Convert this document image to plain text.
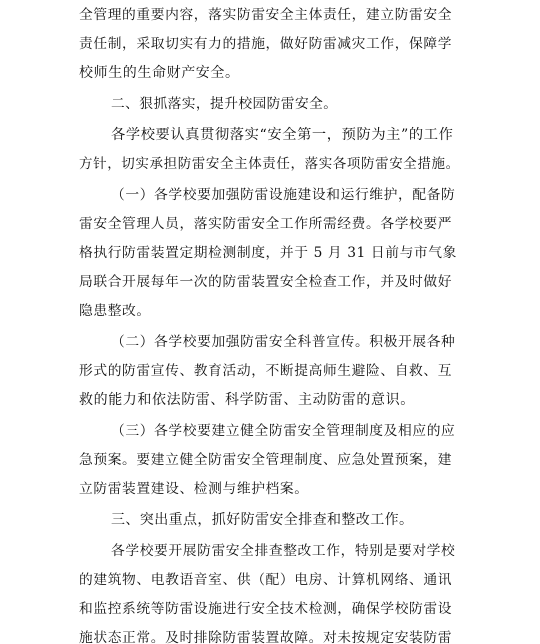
全管理的重要内容，落实防雷安全主体责任，建立防雷安全
责任制，采取切实有力的措施，做好防雷减灾工作，保障学
校师生的生命财产安全。
二、狠抓落实，提升校园防雷安全。
各学校要认真贯彻落实“安全第一，预防为主”的工作
方针，切实承担防雷安全主体责任，落实各项防雷安全措施。
（一）各学校要加强防雷设施建设和运行维护，配备防
雷安全管理人员，落实防雷安全工作所需经费。各学校要严
格执行防雷装置定期检测制度，并于 5 月 31 日前与市气象
局联合开展每年一次的防雷装置安全检查工作，并及时做好
隐患整改。
（二）各学校要加强防雷安全科普宣传。积极开展各种
形式的防雷宣传、教育活动，不断提高师生避险、自救、互
救的能力和依法防雷、科学防雷、主动防雷的意识。
（三）各学校要建立健全防雷安全管理制度及相应的应
急预案。要建立健全防雷安全管理制度、应急处置预案，建
立防雷装置建设、检测与维护档案。
三、突出重点，抓好防雷安全排查和整改工作。
各学校要开展防雷安全排查整改工作，特别是要对学校
的建筑物、电教语音室、供（配）电房、计算机网络、通讯
和监控系统等防雷设施进行安全技术检测，确保学校防雷设
施状态正常。及时排除防雷装置故障。对未按规定安装防雷
